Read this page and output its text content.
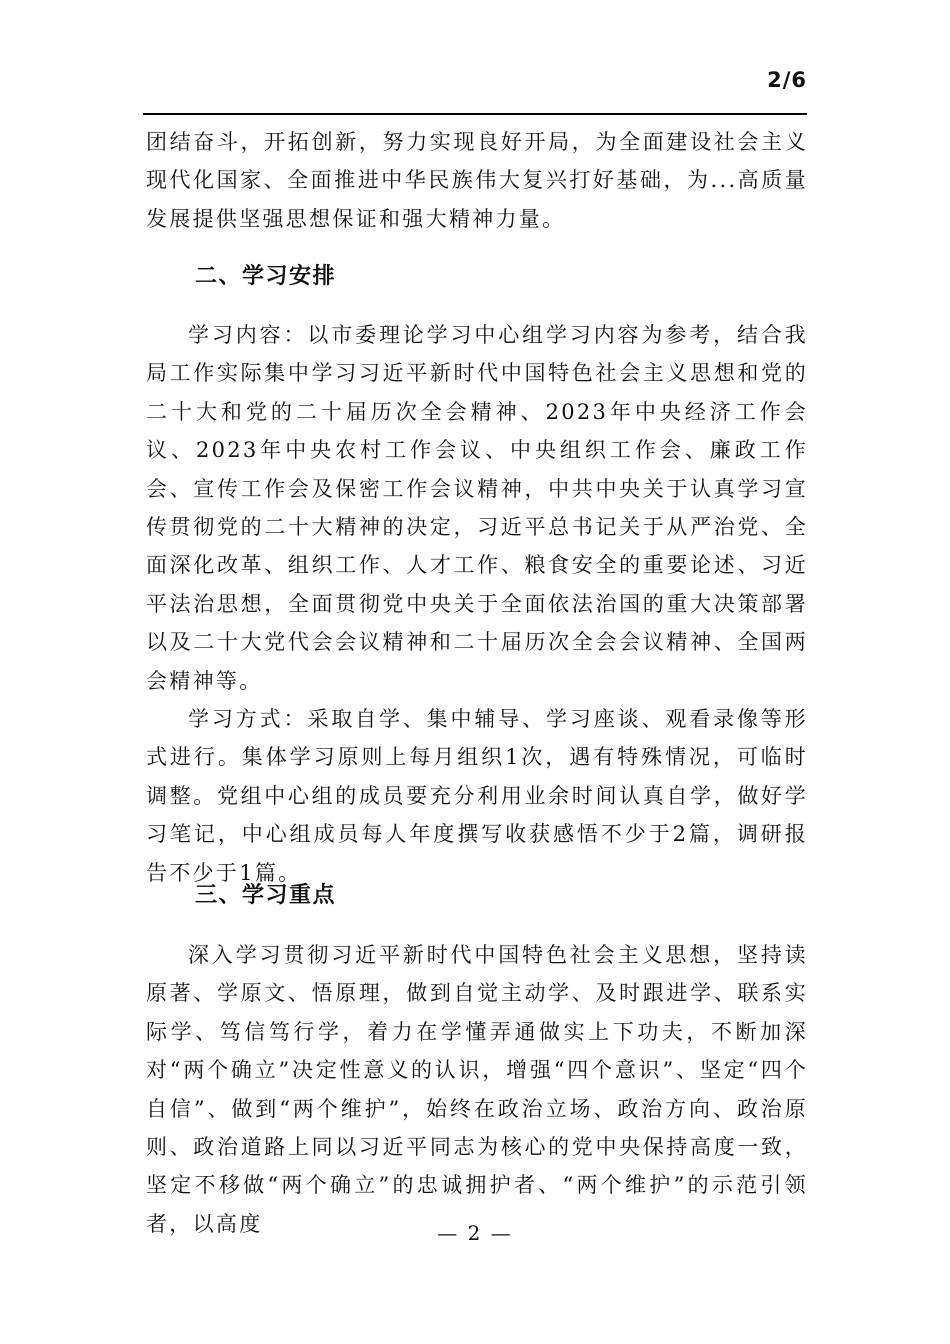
2/6

团结奋斗，开拓创新，努力实现良好开局，为全面建设社会主义现代化国家、全面推进中华民族伟大复兴打好基础，为...高质量发展提供坚强思想保证和强大精神力量。

二、学习安排

学习内容：以市委理论学习中心组学习内容为参考，结合我局工作实际集中学习习近平新时代中国特色社会主义思想和党的二十大和党的二十届历次全会精神、2023年中央经济工作会议、2023年中央农村工作会议、中央组织工作会、廉政工作会、宣传工作会及保密工作会议精神，中共中央关于认真学习宣传贯彻党的二十大精神的决定，习近平总书记关于从严治党、全面深化改革、组织工作、人才工作、粮食安全的重要论述、习近平法治思想，全面贯彻党中央关于全面依法治国的重大决策部署以及二十大党代会会议精神和二十届历次全会会议精神、全国两会精神等。

学习方式：采取自学、集中辅导、学习座谈、观看录像等形式进行。集体学习原则上每月组织1次，遇有特殊情况，可临时调整。党组中心组的成员要充分利用业余时间认真自学，做好学习笔记，中心组成员每人年度撰写收获感悟不少于2篇，调研报告不少于1篇。

三、学习重点

深入学习贯彻习近平新时代中国特色社会主义思想，坚持读原著、学原文、悟原理，做到自觉主动学、及时跟进学、联系实际学、笃信笃行学，着力在学懂弄通做实上下功夫，不断加深对“两个确立”决定性意义的认识，增强“四个意识”、坚定“四个自信”、做到“两个维护”，始终在政治立场、政治方向、政治原则、政治道路上同以习近平同志为核心的党中央保持高度一致，坚定不移做“两个确立”的忠诚拥护者、“两个维护”的示范引领者，以高度	— 2 —
